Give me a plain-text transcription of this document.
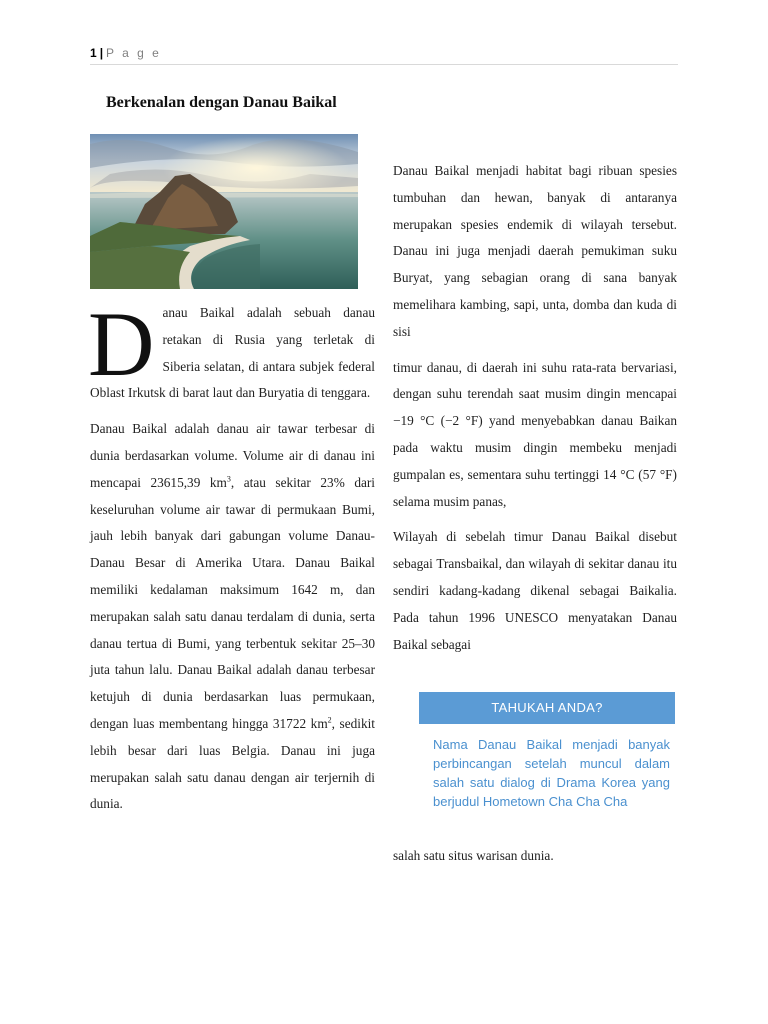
1 | P a g e
Berkenalan dengan Danau Baikal

Danau Baikal adalah sebuah danau retakan di Rusia yang terletak di Siberia selatan, di antara subjek federal Oblast Irkutsk di barat laut dan Buryatia di tenggara.

Danau Baikal adalah danau air tawar terbesar di dunia berdasarkan volume. Volume air di danau ini mencapai 23615,39 $km^3$, atau sekitar 23% dari keseluruhan volume air tawar di permukaan Bumi, jauh lebih banyak dari gabungan volume Danau-Danau Besar di Amerika Utara. Danau Baikal memiliki kedalaman maksimum 1642 m, dan merupakan salah satu danau terdalam di dunia, serta danau tertua di Bumi, yang terbentuk sekitar 25–30 juta tahun lalu. Danau Baikal adalah danau terbesar ketujuh di dunia berdasarkan luas permukaan, dengan luas membentang hingga 31722 $km^2$, sedikit lebih besar dari luas Belgia. Danau ini juga merupakan salah satu danau dengan air terjernih di dunia.

Danau Baikal menjadi habitat bagi ribuan spesies tumbuhan dan hewan, banyak di antaranya merupakan spesies endemik di wilayah tersebut. Danau ini juga menjadi daerah pemukiman suku Buryat, yang sebagian orang di sana banyak memelihara kambing, sapi, unta, domba dan kuda di sisi

timur danau, di daerah ini suhu rata-rata bervariasi, dengan suhu terendah saat musim dingin mencapai −19 °C (−2 °F) yand menyebabkan danau Baikan pada waktu musim dingin membeku menjadi gumpalan es, sementara suhu tertinggi 14 °C (57 °F) selama musim panas,

Wilayah di sebelah timur Danau Baikal disebut sebagai Transbaikal, dan wilayah di sekitar danau itu sendiri kadang-kadang dikenal sebagai Baikalia. Pada tahun 1996 UNESCO menyatakan Danau Baikal sebagai

TAHUKAH ANDA?
Nama Danau Baikal menjadi banyak perbincangan setelah muncul dalam salah satu dialog di Drama Korea yang berjudul Hometown Cha Cha Cha

salah satu situs warisan dunia.
